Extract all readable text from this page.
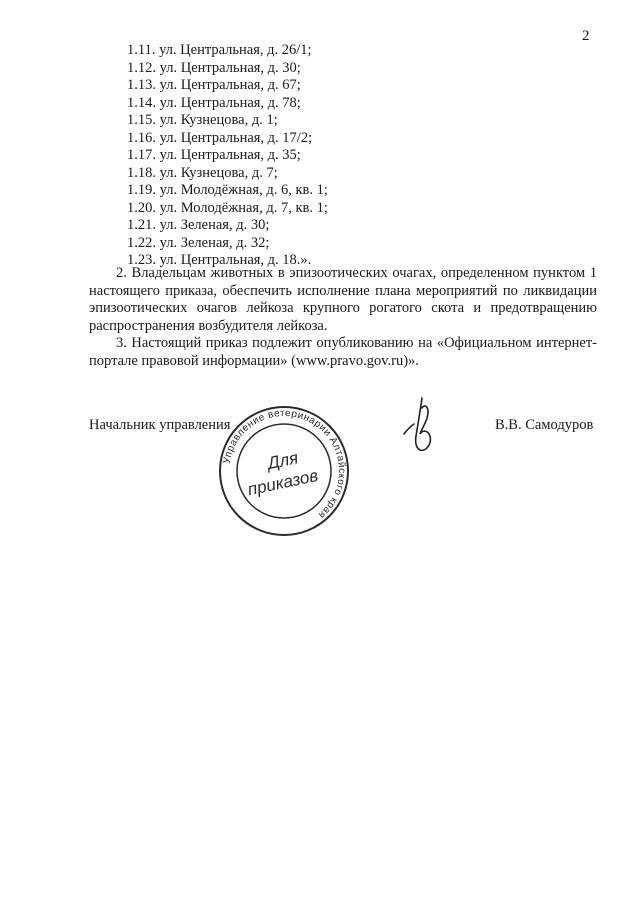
2
1.11. ул. Центральная, д. 26/1;
1.12. ул. Центральная, д. 30;
1.13. ул. Центральная, д. 67;
1.14. ул. Центральная, д. 78;
1.15. ул. Кузнецова, д. 1;
1.16. ул. Центральная, д. 17/2;
1.17. ул. Центральная, д. 35;
1.18. ул. Кузнецова, д. 7;
1.19. ул. Молодёжная, д. 6, кв. 1;
1.20. ул. Молодёжная, д. 7, кв. 1;
1.21. ул. Зеленая, д. 30;
1.22. ул. Зеленая, д. 32;
1.23. ул. Центральная, д. 18.».

2. Владельцам животных в эпизоотических очагах, определенном пунктом 1 настоящего приказа, обеспечить исполнение плана мероприятий по ликвидации эпизоотических очагов лейкоза крупного рогатого скота и предотвращению распространения возбудителя лейкоза.

3. Настоящий приказ подлежит опубликованию на «Официальном интернет-портале правовой информации» (www.pravo.gov.ru)».

Начальник управления
Управление ветеринарии Алтайского края
Для
приказов
В.В. Самодуров
